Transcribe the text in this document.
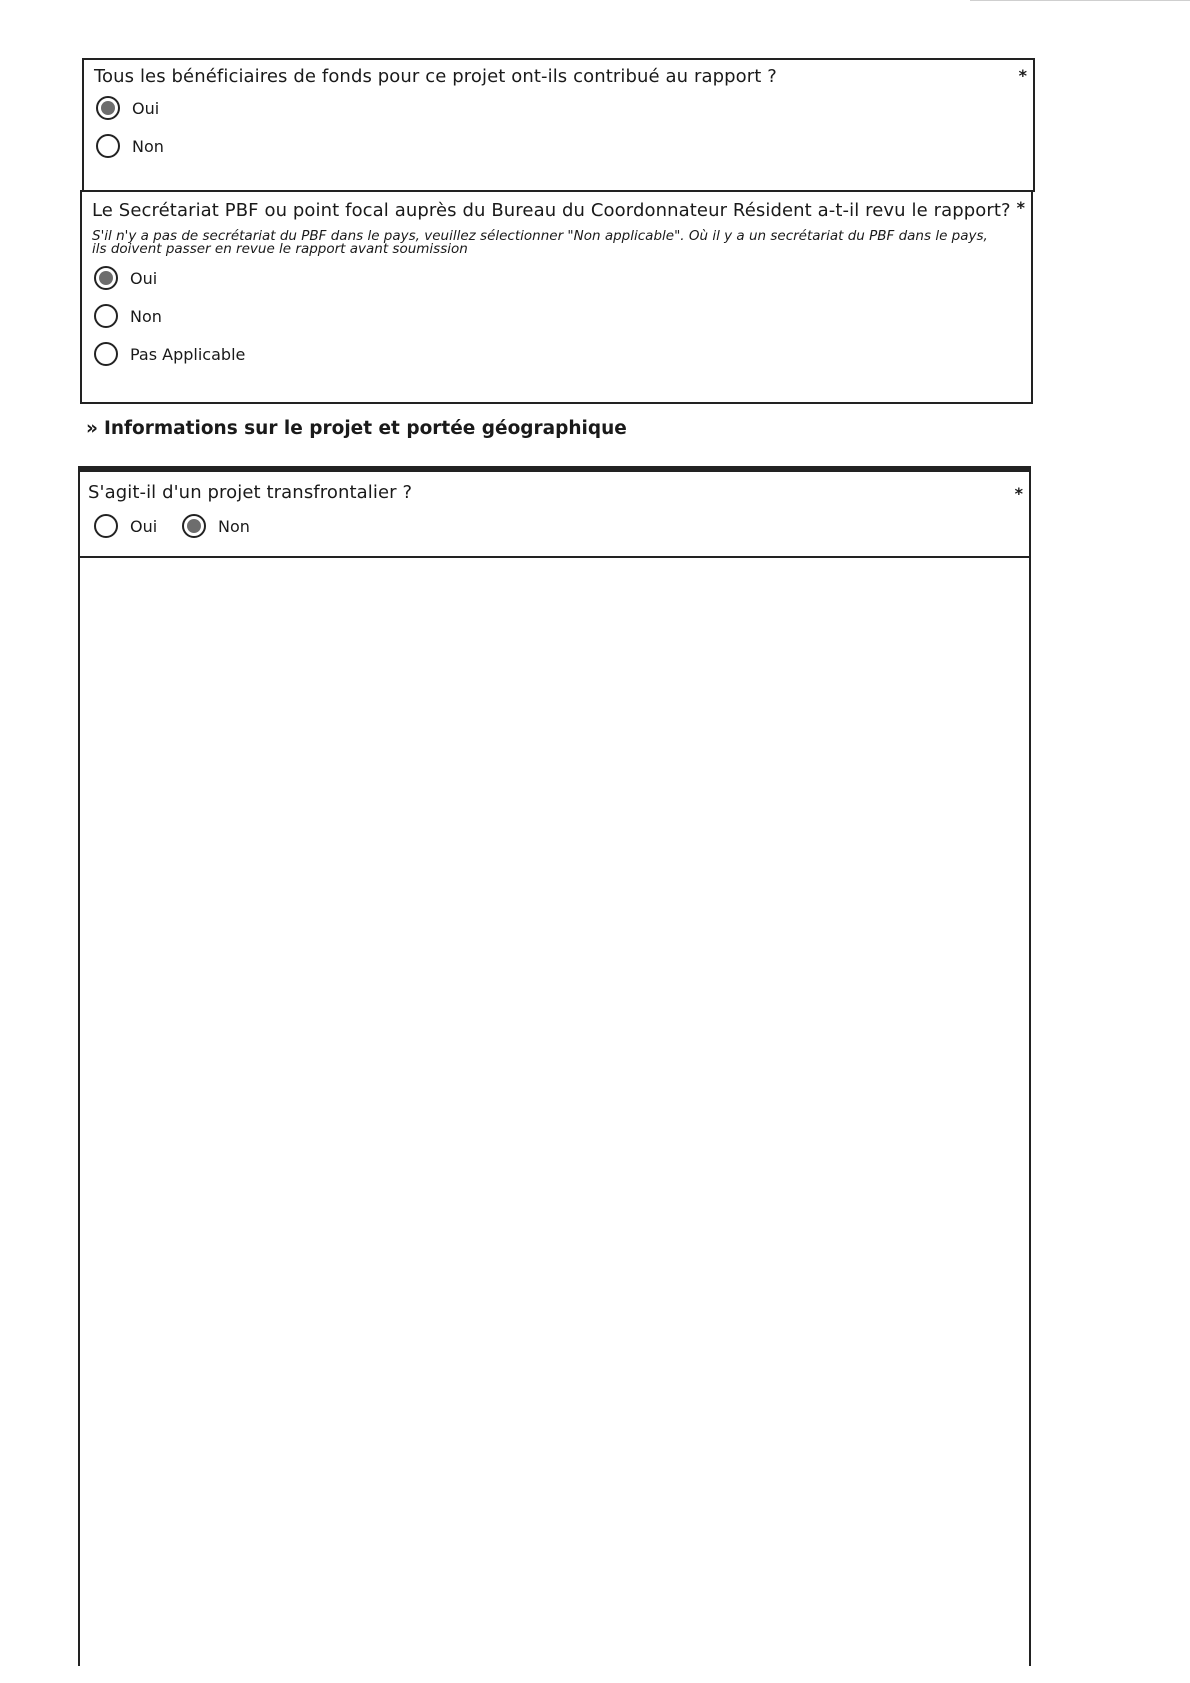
Tous les bénéficiaires de fonds pour ce projet ont-ils contribué au rapport ?	*
Oui
Non
Le Secrétariat PBF ou point focal auprès du Bureau du Coordonnateur Résident a-t-il revu le rapport? *
S'il n'y a pas de secrétariat du PBF dans le pays, veuillez sélectionner "Non applicable". Où il y a un secrétariat du PBF dans le pays, ils doivent passer en revue le rapport avant soumission
Oui
Non
Pas Applicable
» Informations sur le projet et portée géographique
S'agit-il d'un projet transfrontalier ?	*
Oui	Non
